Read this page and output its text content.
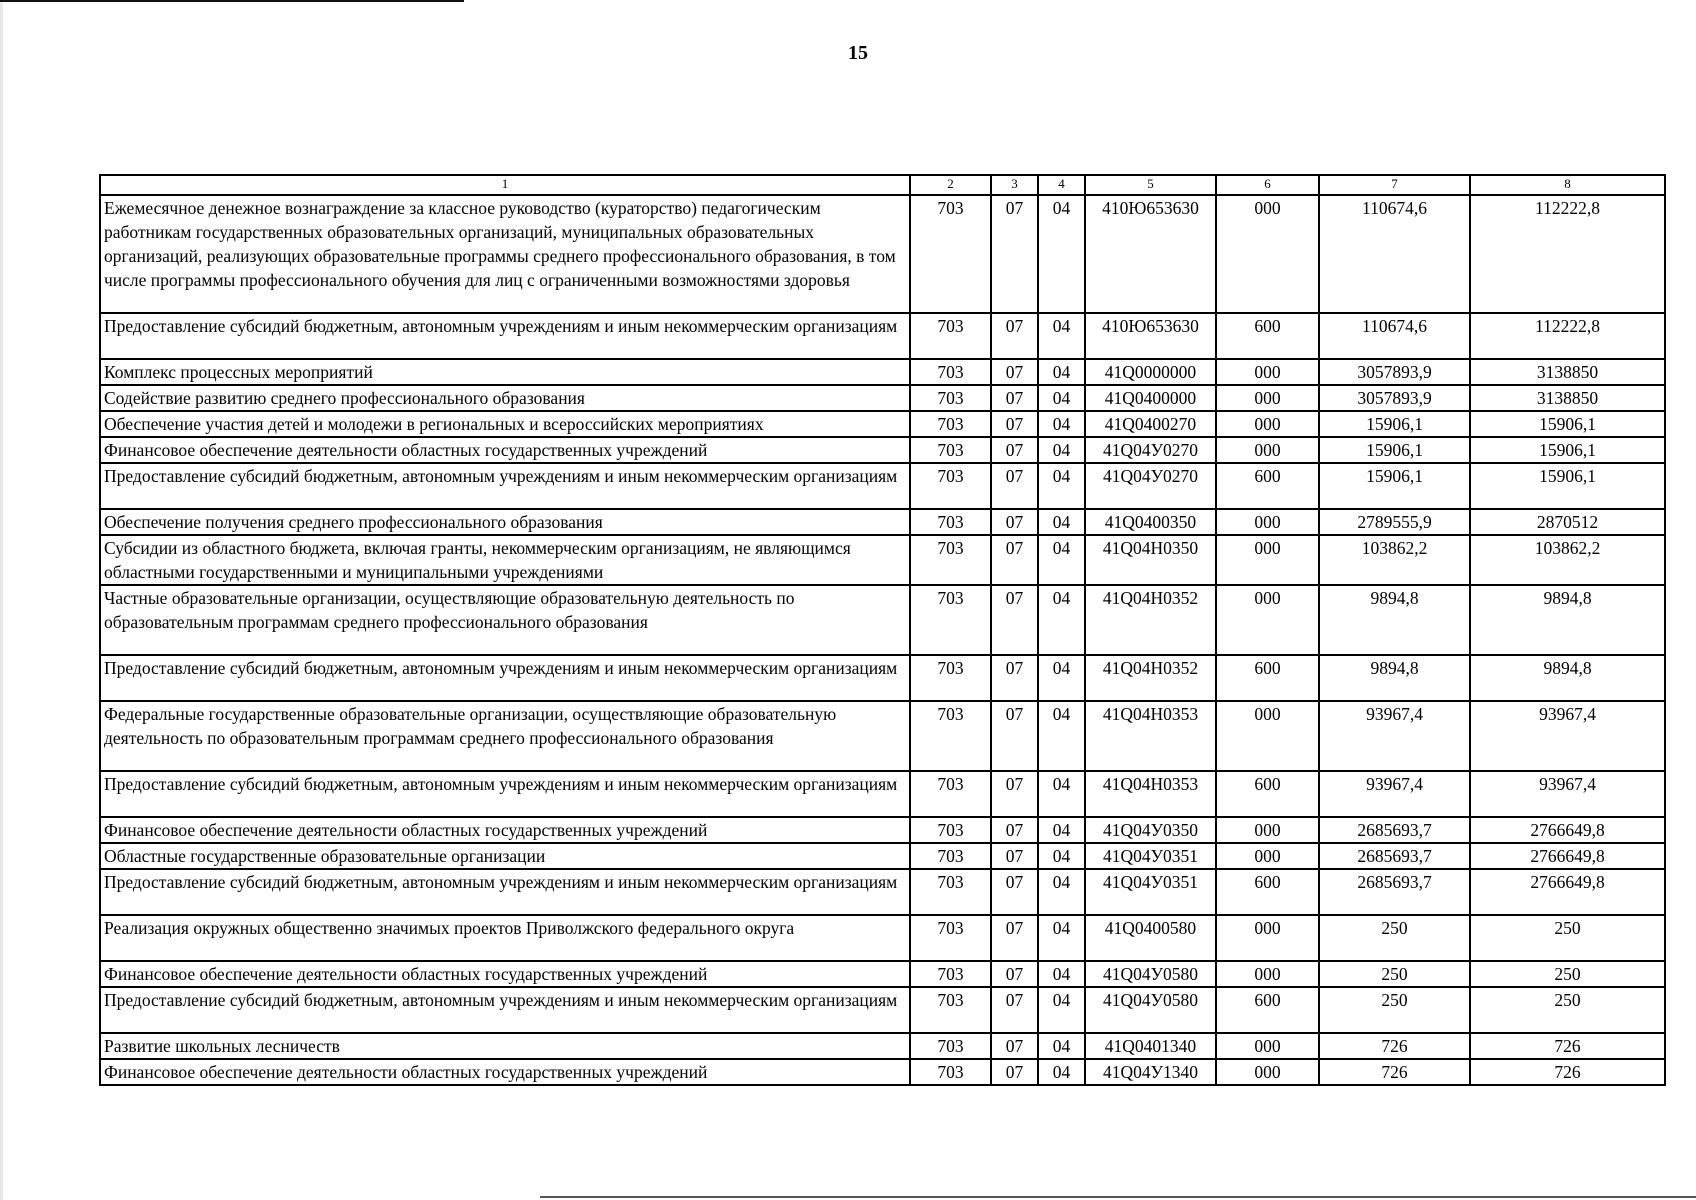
15
1	2	3	4	5	6	7	8
Ежемесячное денежное вознаграждение за классное руководство (кураторство) педагогическим работникам государственных образовательных организаций, муниципальных образовательных организаций, реализующих образовательные программы среднего профессионального образования, в том числе программы профессионального обучения для лиц с ограниченными возможностями здоровья	703	07	04	410Ю653630	000	110674,6	112222,8
Предоставление субсидий бюджетным, автономным учреждениям и иным некоммерческим организациям	703	07	04	410Ю653630	600	110674,6	112222,8
Комплекс процессных мероприятий	703	07	04	41Q0000000	000	3057893,9	3138850
Содействие развитию среднего профессионального образования	703	07	04	41Q0400000	000	3057893,9	3138850
Обеспечение участия детей и молодежи в региональных и всероссийских мероприятиях	703	07	04	41Q0400270	000	15906,1	15906,1
Финансовое обеспечение деятельности областных государственных учреждений	703	07	04	41Q04У0270	000	15906,1	15906,1
Предоставление субсидий бюджетным, автономным учреждениям и иным некоммерческим организациям	703	07	04	41Q04У0270	600	15906,1	15906,1
Обеспечение получения среднего профессионального образования	703	07	04	41Q0400350	000	2789555,9	2870512
Субсидии из областного бюджета, включая гранты, некоммерческим организациям, не являющимся областными государственными и муниципальными учреждениями	703	07	04	41Q04Н0350	000	103862,2	103862,2
Частные образовательные организации, осуществляющие образовательную деятельность по образовательным программам среднего профессионального образования	703	07	04	41Q04Н0352	000	9894,8	9894,8
Предоставление субсидий бюджетным, автономным учреждениям и иным некоммерческим организациям	703	07	04	41Q04Н0352	600	9894,8	9894,8
Федеральные государственные образовательные организации, осуществляющие образовательную деятельность по образовательным программам среднего профессионального образования	703	07	04	41Q04Н0353	000	93967,4	93967,4
Предоставление субсидий бюджетным, автономным учреждениям и иным некоммерческим организациям	703	07	04	41Q04Н0353	600	93967,4	93967,4
Финансовое обеспечение деятельности областных государственных учреждений	703	07	04	41Q04У0350	000	2685693,7	2766649,8
Областные государственные образовательные организации	703	07	04	41Q04У0351	000	2685693,7	2766649,8
Предоставление субсидий бюджетным, автономным учреждениям и иным некоммерческим организациям	703	07	04	41Q04У0351	600	2685693,7	2766649,8
Реализация окружных общественно значимых проектов Приволжского федерального округа	703	07	04	41Q0400580	000	250	250
Финансовое обеспечение деятельности областных государственных учреждений	703	07	04	41Q04У0580	000	250	250
Предоставление субсидий бюджетным, автономным учреждениям и иным некоммерческим организациям	703	07	04	41Q04У0580	600	250	250
Развитие школьных лесничеств	703	07	04	41Q0401340	000	726	726
Финансовое обеспечение деятельности областных государственных учреждений	703	07	04	41Q04У1340	000	726	726
